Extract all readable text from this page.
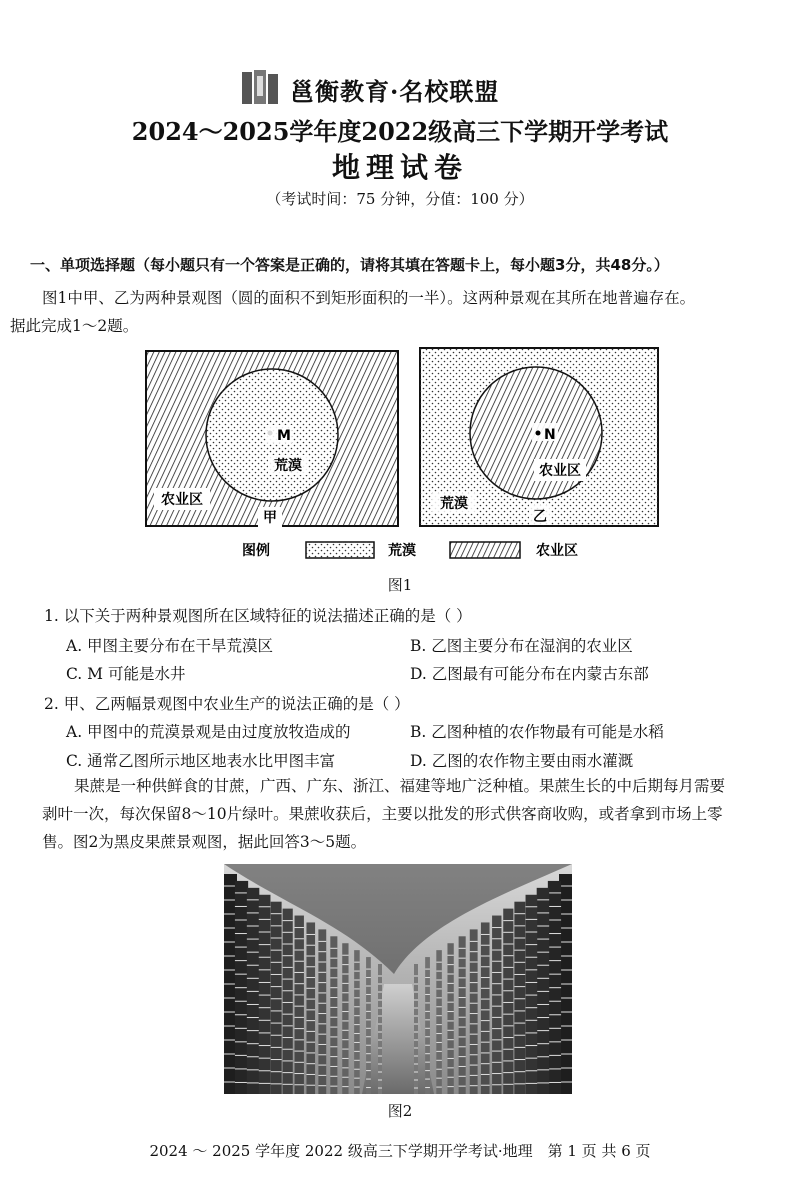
邕衡教育·名校联盟
2024～2025学年度2022级高三下学期开学考试
地理试卷
（考试时间：75 分钟，分值：100 分）
一、单项选择题（每小题只有一个答案是正确的，请将其填在答题卡上，每小题3分，共48分。）
图1中甲、乙为两种景观图（圆的面积不到矩形面积的一半）。这两种景观在其所在地普遍存在。
据此完成1～2题。
M
荒漠
农业区
甲
N
农业区
荒漠
乙
图例	荒漠	农业区
图1
1. 以下关于两种景观图所在区域特征的说法描述正确的是（ ）
A. 甲图主要分布在干旱荒漠区	B. 乙图主要分布在湿润的农业区
C. M 可能是水井	D. 乙图最有可能分布在内蒙古东部
2. 甲、乙两幅景观图中农业生产的说法正确的是（ ）
A. 甲图中的荒漠景观是由过度放牧造成的	B. 乙图种植的农作物最有可能是水稻
C. 通常乙图所示地区地表水比甲图丰富	D. 乙图的农作物主要由雨水灌溉
果蔗是一种供鲜食的甘蔗，广西、广东、浙江、福建等地广泛种植。果蔗生长的中后期每月需要
剥叶一次，每次保留8～10片绿叶。果蔗收获后，主要以批发的形式供客商收购，或者拿到市场上零
售。图2为黑皮果蔗景观图，据此回答3～5题。
图2
2024 ～ 2025 学年度 2022 级高三下学期开学考试·地理　第 1 页 共 6 页
